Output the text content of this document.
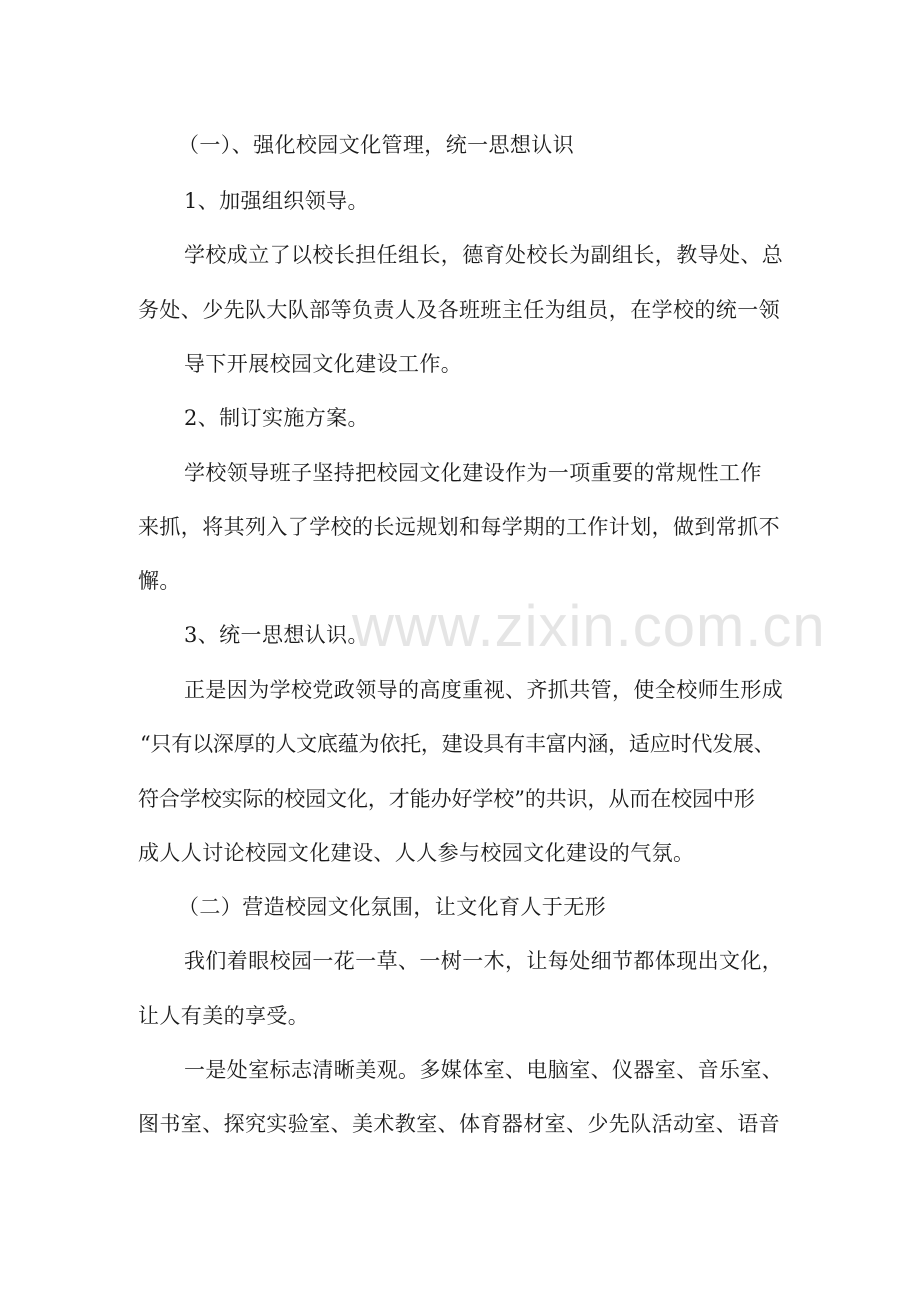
（一）、强化校园文化管理，统一思想认识
1、加强组织领导。
学校成立了以校长担任组长，德育处校长为副组长，教导处、总
务处、少先队大队部等负责人及各班班主任为组员，在学校的统一领
导下开展校园文化建设工作。
2、制订实施方案。
学校领导班子坚持把校园文化建设作为一项重要的常规性工作
来抓，将其列入了学校的长远规划和每学期的工作计划，做到常抓不
懈。
3、统一思想认识。
正是因为学校党政领导的高度重视、齐抓共管，使全校师生形成
“只有以深厚的人文底蕴为依托，建设具有丰富内涵，适应时代发展、
符合学校实际的校园文化，才能办好学校”的共识，从而在校园中形
成人人讨论校园文化建设、人人参与校园文化建设的气氛。
（二）营造校园文化氛围，让文化育人于无形
我们着眼校园一花一草、一树一木，让每处细节都体现出文化，
让人有美的享受。
一是处室标志清晰美观。多媒体室、电脑室、仪器室、音乐室、
图书室、探究实验室、美术教室、体育器材室、少先队活动室、语音
www.zixin.com.cn
